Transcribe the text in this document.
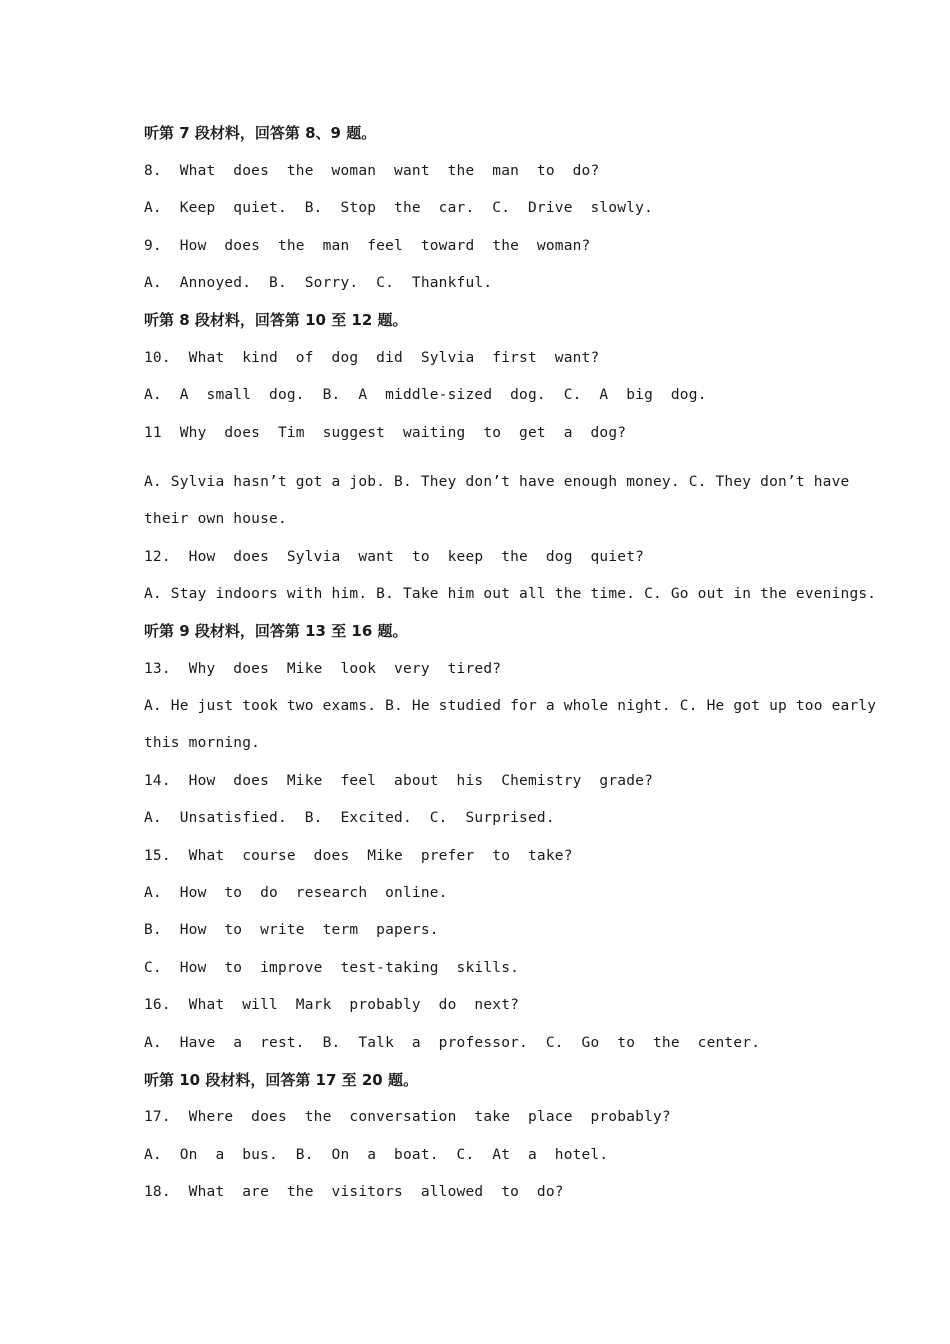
听第 7 段材料，回答第 8、9 题。

8.  What  does  the  woman  want  the  man  to  do?

A.  Keep  quiet.  B.  Stop  the  car.  C.  Drive  slowly.

9.  How  does  the  man  feel  toward  the  woman?

A.  Annoyed.  B.  Sorry.  C.  Thankful.

听第 8 段材料，回答第 10 至 12 题。

10.  What  kind  of  dog  did  Sylvia  first  want?

A.  A  small  dog.  B.  A  middle-sized  dog.  C.  A  big  dog.

11  Why  does  Tim  suggest  waiting  to  get  a  dog?

A. Sylvia hasn’t got a job. B. They don’t have enough money. C. They don’t have

their own house.

12.  How  does  Sylvia  want  to  keep  the  dog  quiet?

A. Stay indoors with him. B. Take him out all the time. C. Go out in the evenings.

听第 9 段材料，回答第 13 至 16 题。

13.  Why  does  Mike  look  very  tired?

A. He just took two exams. B. He studied for a whole night. C. He got up too early

this morning.

14.  How  does  Mike  feel  about  his  Chemistry  grade?

A.  Unsatisfied.  B.  Excited.  C.  Surprised.

15.  What  course  does  Mike  prefer  to  take?

A.  How  to  do  research  online.

B.  How  to  write  term  papers.

C.  How  to  improve  test-taking  skills.

16.  What  will  Mark  probably  do  next?

A.  Have  a  rest.  B.  Talk  a  professor.  C.  Go  to  the  center.

听第 10 段材料，回答第 17 至 20 题。

17.  Where  does  the  conversation  take  place  probably?

A.  On  a  bus.  B.  On  a  boat.  C.  At  a  hotel.

18.  What  are  the  visitors  allowed  to  do?
